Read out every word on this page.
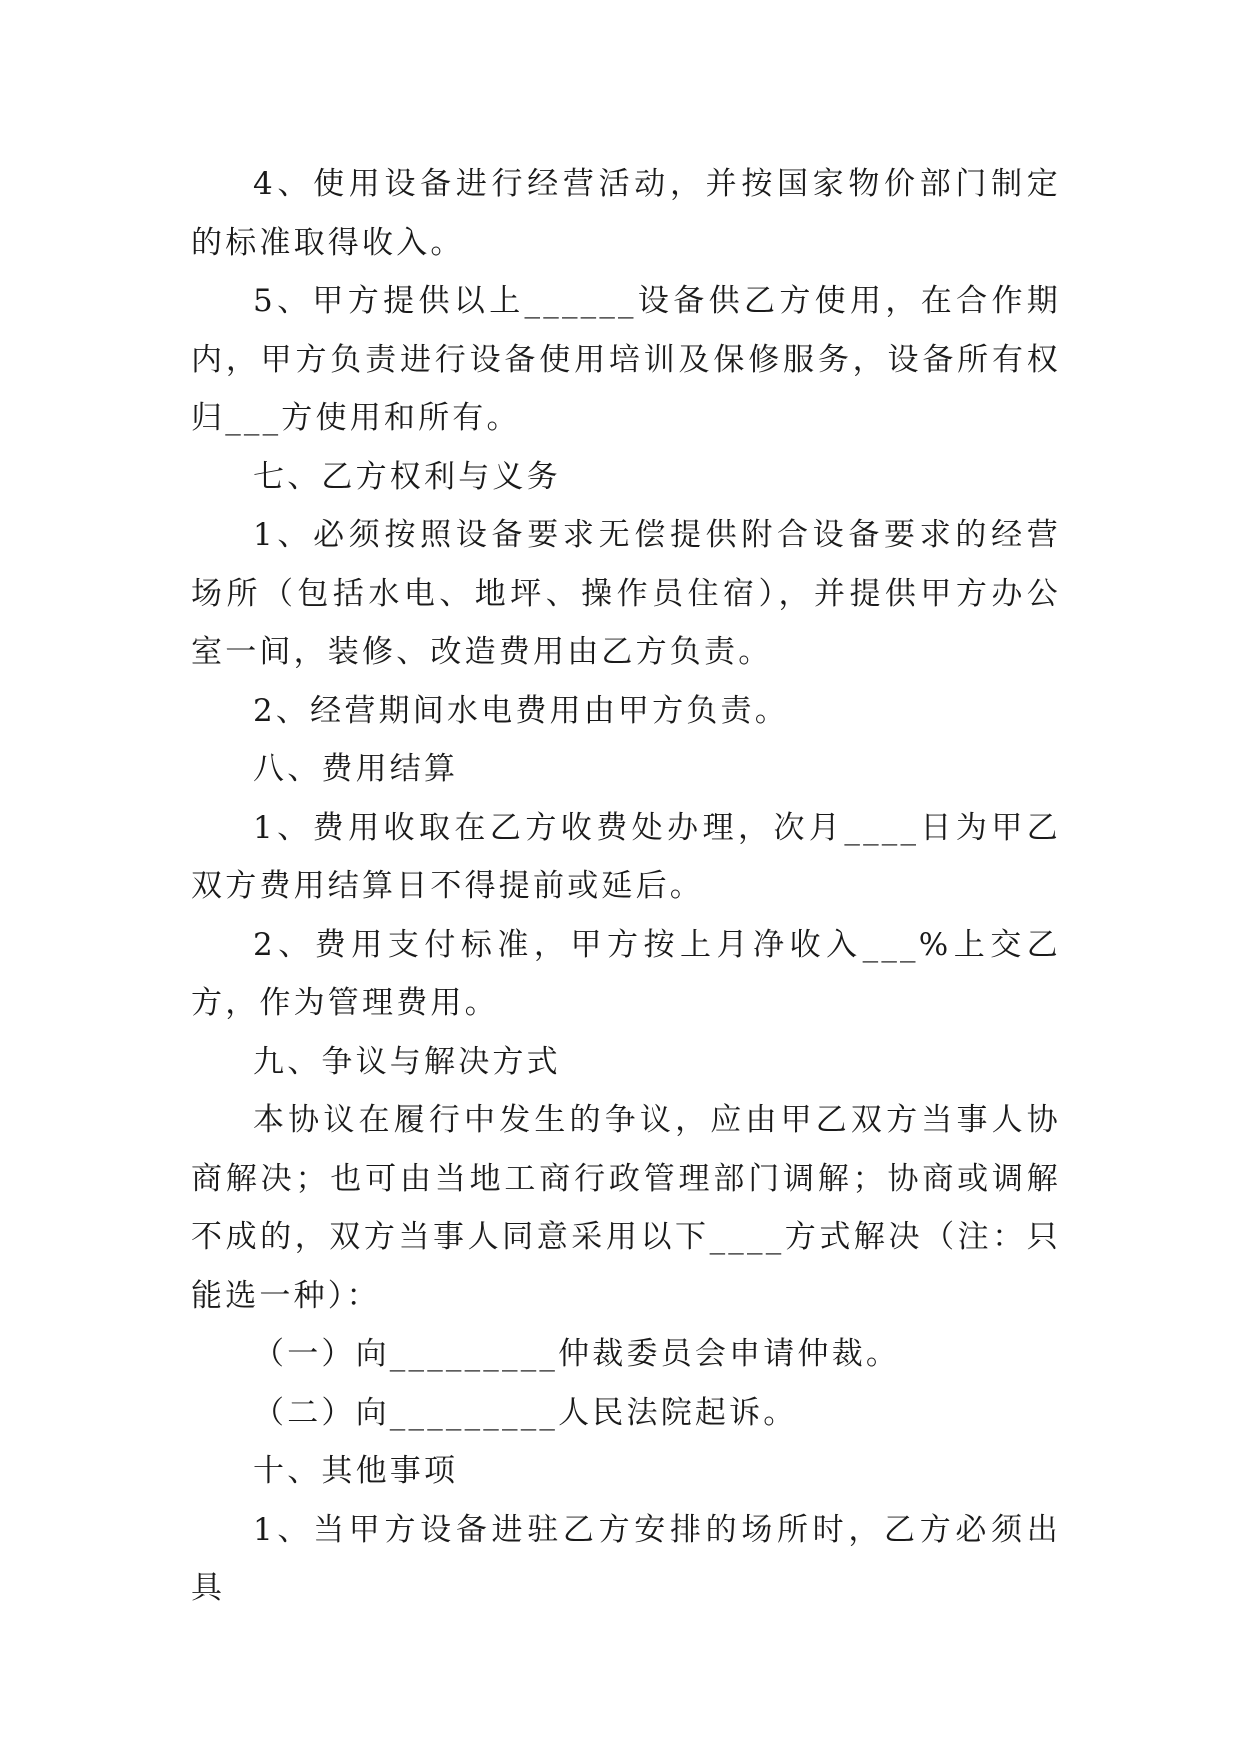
4、使用设备进行经营活动，并按国家物价部门制定的标准取得收入。

5、甲方提供以上______设备供乙方使用，在合作期内，甲方负责进行设备使用培训及保修服务，设备所有权归___方使用和所有。

七、乙方权利与义务

1、必须按照设备要求无偿提供附合设备要求的经营场所（包括水电、地坪、操作员住宿），并提供甲方办公室一间，装修、改造费用由乙方负责。

2、经营期间水电费用由甲方负责。

八、费用结算

1、费用收取在乙方收费处办理，次月____日为甲乙双方费用结算日不得提前或延后。

2、费用支付标准，甲方按上月净收入___%上交乙方，作为管理费用。

九、争议与解决方式

本协议在履行中发生的争议，应由甲乙双方当事人协商解决；也可由当地工商行政管理部门调解；协商或调解不成的，双方当事人同意采用以下____方式解决（注：只能选一种）：

（一）向_________仲裁委员会申请仲裁。

（二）向_________人民法院起诉。

十、其他事项

1、当甲方设备进驻乙方安排的场所时，乙方必须出具
